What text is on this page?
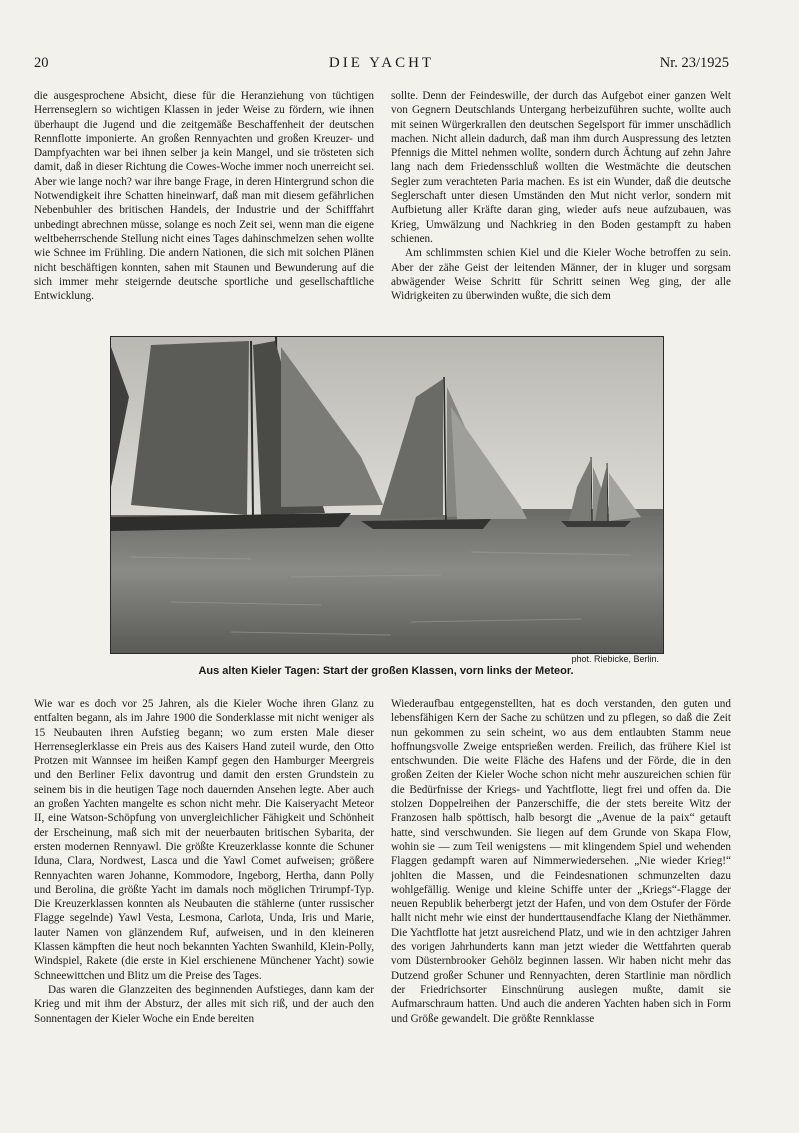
20	DIE YACHT	Nr. 23/1925

die ausgesprochene Absicht, diese für die Heranziehung von tüchtigen Herrenseglern so wichtigen Klassen in jeder Weise zu fördern, wie ihnen überhaupt die Jugend und die zeitgemäße Beschaffenheit der deutschen Rennflotte imponierte. An großen Rennyachten und großen Kreuzer- und Dampfyachten war bei ihnen selber ja kein Mangel, und sie trösteten sich damit, daß in dieser Richtung die Cowes-Woche immer noch unerreicht sei. Aber wie lange noch? war ihre bange Frage, in deren Hintergrund schon die Notwendigkeit ihre Schatten hineinwarf, daß man mit diesem gefährlichen Nebenbuhler des britischen Handels, der Industrie und der Schifffahrt unbedingt abrechnen müsse, solange es noch Zeit sei, wenn man die eigene weltbeherrschende Stellung nicht eines Tages dahinschmelzen sehen wollte wie Schnee im Frühling. Die andern Nationen, die sich mit solchen Plänen nicht beschäftigen konnten, sahen mit Staunen und Bewunderung auf die sich immer mehr steigernde deutsche sportliche und gesellschaftliche Entwicklung.

sollte. Denn der Feindeswille, der durch das Aufgebot einer ganzen Welt von Gegnern Deutschlands Untergang herbeizuführen suchte, wollte auch mit seinen Würgerkrallen den deutschen Segelsport für immer unschädlich machen. Nicht allein dadurch, daß man ihm durch Auspressung des letzten Pfennigs die Mittel nehmen wollte, sondern durch Ächtung auf zehn Jahre lang nach dem Friedensschluß wollten die Westmächte die deutschen Segler zum verachteten Paria machen. Es ist ein Wunder, daß die deutsche Seglerschaft unter diesen Umständen den Mut nicht verlor, sondern mit Aufbietung aller Kräfte daran ging, wieder aufs neue aufzubauen, was Krieg, Umwälzung und Nachkrieg in den Boden gestampft zu haben schienen.

Am schlimmsten schien Kiel und die Kieler Woche betroffen zu sein. Aber der zähe Geist der leitenden Männer, der in kluger und sorgsam abwägender Weise Schritt für Schritt seinen Weg ging, der alle Widrigkeiten zu überwinden wußte, die sich dem

phot. Riebicke, Berlin.
Aus alten Kieler Tagen: Start der großen Klassen, vorn links der Meteor.

Wie war es doch vor 25 Jahren, als die Kieler Woche ihren Glanz zu entfalten begann, als im Jahre 1900 die Sonderklasse mit nicht weniger als 15 Neubauten ihren Aufstieg begann; wo zum ersten Male dieser Herrenseglerklasse ein Preis aus des Kaisers Hand zuteil wurde, den Otto Protzen mit Wannsee im heißen Kampf gegen den Hamburger Meergreis und den Berliner Felix davontrug und damit den ersten Grundstein zu seinem bis in die heutigen Tage noch dauernden Ansehen legte. Aber auch an großen Yachten mangelte es schon nicht mehr. Die Kaiseryacht Meteor II, eine Watson-Schöpfung von unvergleichlicher Fähigkeit und Schönheit der Erscheinung, maß sich mit der neuerbauten britischen Sybarita, der ersten modernen Rennyawl. Die größte Kreuzerklasse konnte die Schuner Iduna, Clara, Nordwest, Lasca und die Yawl Comet aufweisen; größere Rennyachten waren Johanne, Kommodore, Ingeborg, Hertha, dann Polly und Berolina, die größte Yacht im damals noch möglichen Trirumpf-Typ. Die Kreuzerklassen konnten als Neubauten die stählerne (unter russischer Flagge segelnde) Yawl Vesta, Lesmona, Carlota, Unda, Iris und Marie, lauter Namen von glänzendem Ruf, aufweisen, und in den kleineren Klassen kämpften die heut noch bekannten Yachten Swanhild, Klein-Polly, Windspiel, Rakete (die erste in Kiel erschienene Münchener Yacht) sowie Schneewittchen und Blitz um die Preise des Tages.

Das waren die Glanzzeiten des beginnenden Aufstieges, dann kam der Krieg und mit ihm der Absturz, der alles mit sich riß, und der auch den Sonnentagen der Kieler Woche ein Ende bereiten

Wiederaufbau entgegenstellten, hat es doch verstanden, den guten und lebensfähigen Kern der Sache zu schützen und zu pflegen, so daß die Zeit nun gekommen zu sein scheint, wo aus dem entlaubten Stamm neue hoffnungsvolle Zweige entsprießen werden. Freilich, das frühere Kiel ist entschwunden. Die weite Fläche des Hafens und der Förde, die in den großen Zeiten der Kieler Woche schon nicht mehr auszureichen schien für die Bedürfnisse der Kriegs- und Yachtflotte, liegt frei und offen da. Die stolzen Doppelreihen der Panzerschiffe, die der stets bereite Witz der Franzosen halb spöttisch, halb besorgt die „Avenue de la paix“ getauft hatte, sind verschwunden. Sie liegen auf dem Grunde von Skapa Flow, wohin sie — zum Teil wenigstens — mit klingendem Spiel und wehenden Flaggen gedampft waren auf Nimmerwiedersehen. „Nie wieder Krieg!“ johlten die Massen, und die Feindesnationen schmunzelten dazu wohlgefällig. Wenige und kleine Schiffe unter der „Kriegs“-Flagge der neuen Republik beherbergt jetzt der Hafen, und von dem Ostufer der Förde hallt nicht mehr wie einst der hunderttausendfache Klang der Niethämmer. Die Yachtflotte hat jetzt ausreichend Platz, und wie in den achtziger Jahren des vorigen Jahrhunderts kann man jetzt wieder die Wettfahrten querab vom Düsternbrooker Gehölz beginnen lassen. Wir haben nicht mehr das Dutzend großer Schuner und Rennyachten, deren Startlinie man nördlich der Friedrichsorter Einschnürung auslegen mußte, damit sie Aufmarschraum hatten. Und auch die anderen Yachten haben sich in Form und Größe gewandelt. Die größte Rennklasse
